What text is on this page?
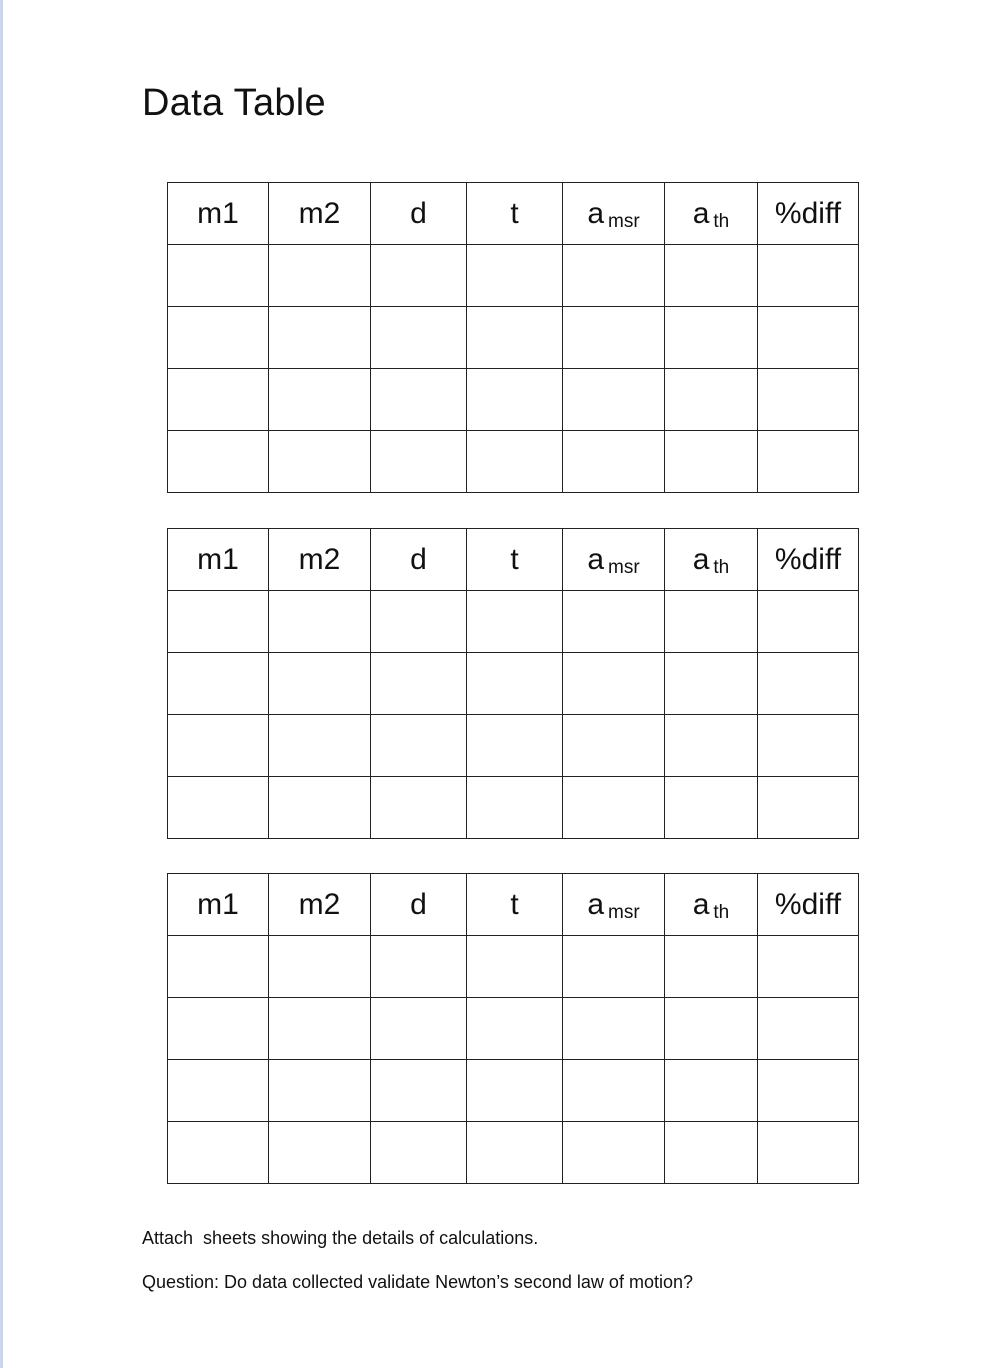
Data Table
m1	m2	d	t	a msr	a th	%diff

m1	m2	d	t	a msr	a th	%diff

m1	m2	d	t	a msr	a th	%diff

Attach  sheets showing the details of calculations.

Question: Do data collected validate Newton’s second law of motion?
